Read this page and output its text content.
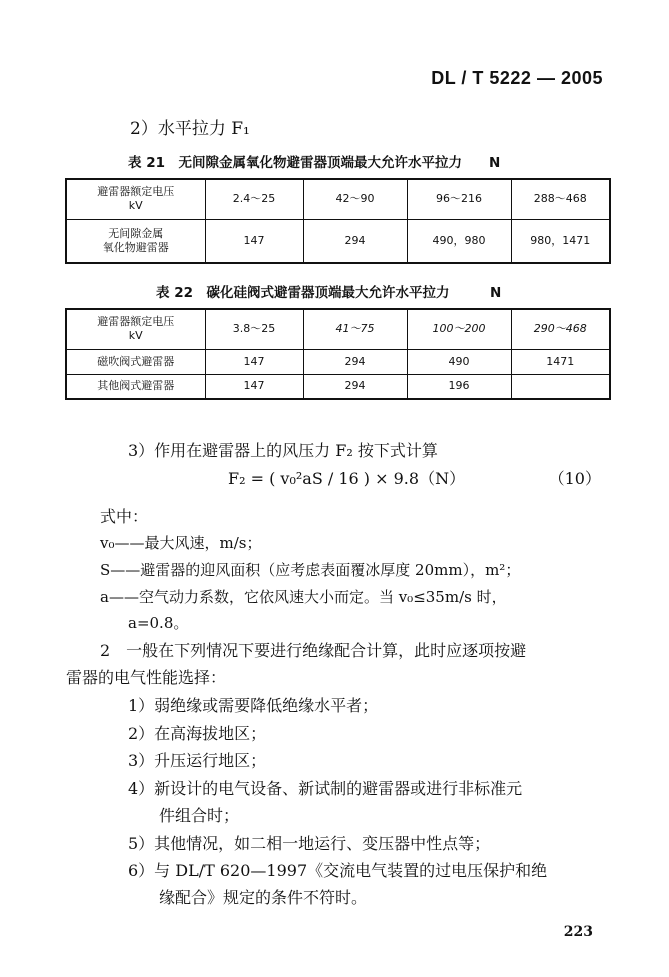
DL / T 5222 — 2005
2）水平拉力 F₁
表 21　无间隙金属氧化物避雷器顶端最大允许水平拉力　　N
避雷器额定电压
kV	2.4～25	42～90	96～216	288～468
无间隙金属
氧化物避雷器	147	294	490，980	980，1471
表 22　碳化硅阀式避雷器顶端最大允许水平拉力　　　N
避雷器额定电压
kV	3.8～25	41～75	100～200	290～468
磁吹阀式避雷器	147	294	490	1471
其他阀式避雷器	147	294	196	
3）作用在避雷器上的风压力 F₂ 按下式计算
F₂ = ( v₀²aS / 16 ) × 9.8（N）	（10）
式中：
v₀——最大风速，m/s；
S——避雷器的迎风面积（应考虑表面覆冰厚度 20mm），m²；
a——空气动力系数，它依风速大小而定。当 v₀≤35m/s 时，
a=0.8。
2　一般在下列情况下要进行绝缘配合计算，此时应逐项按避
雷器的电气性能选择：
1）弱绝缘或需要降低绝缘水平者；
2）在高海拔地区；
3）升压运行地区；
4）新设计的电气设备、新试制的避雷器或进行非标准元
件组合时；
5）其他情况，如二相一地运行、变压器中性点等；
6）与 DL/T 620—1997《交流电气装置的过电压保护和绝
缘配合》规定的条件不符时。
223
